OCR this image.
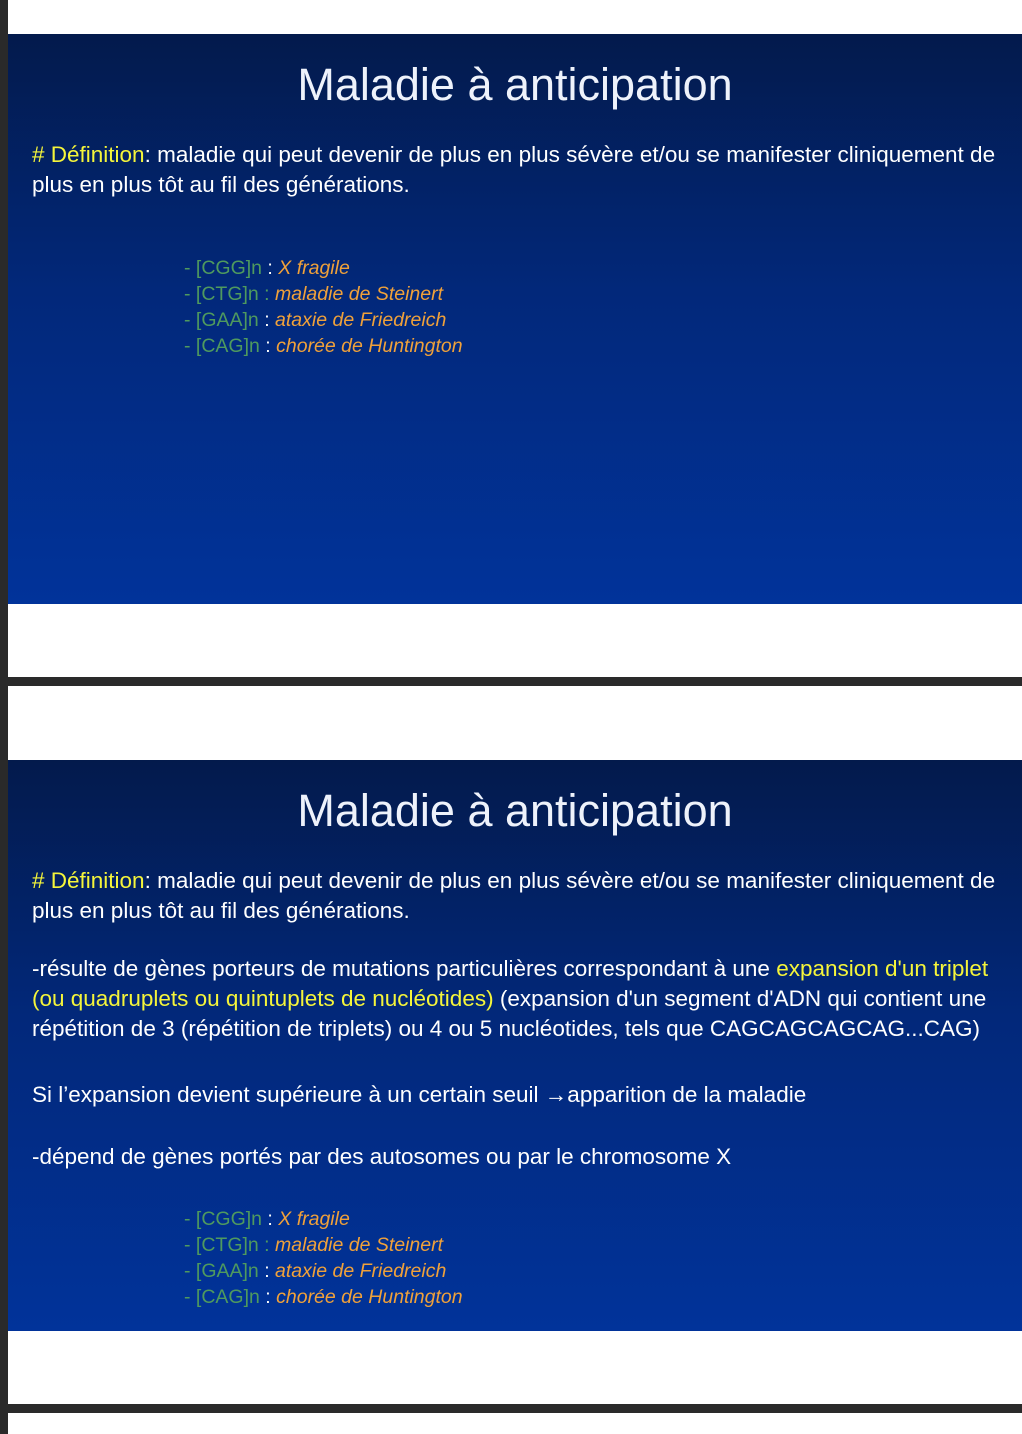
Maladie à anticipation
# Définition: maladie qui peut devenir de plus en plus sévère et/ou se manifester cliniquement de plus en plus tôt au fil des générations.
- [CGG]n : X fragile
- [CTG]n : maladie de Steinert
- [GAA]n : ataxie de Friedreich
- [CAG]n : chorée de Huntington
Maladie à anticipation
# Définition: maladie qui peut devenir de plus en plus sévère et/ou se manifester cliniquement de plus en plus tôt au fil des générations.
-résulte de gènes porteurs de mutations particulières correspondant à une expansion d'un triplet (ou quadruplets ou quintuplets de nucléotides) (expansion d'un segment d'ADN qui contient une répétition de 3 (répétition de triplets) ou 4 ou 5 nucléotides, tels que CAGCAGCAGCAG...CAG)
Si l’expansion devient supérieure à un certain seuil →apparition de la maladie
-dépend de gènes portés par des autosomes ou par le chromosome X
- [CGG]n : X fragile
- [CTG]n : maladie de Steinert
- [GAA]n : ataxie de Friedreich
- [CAG]n : chorée de Huntington
